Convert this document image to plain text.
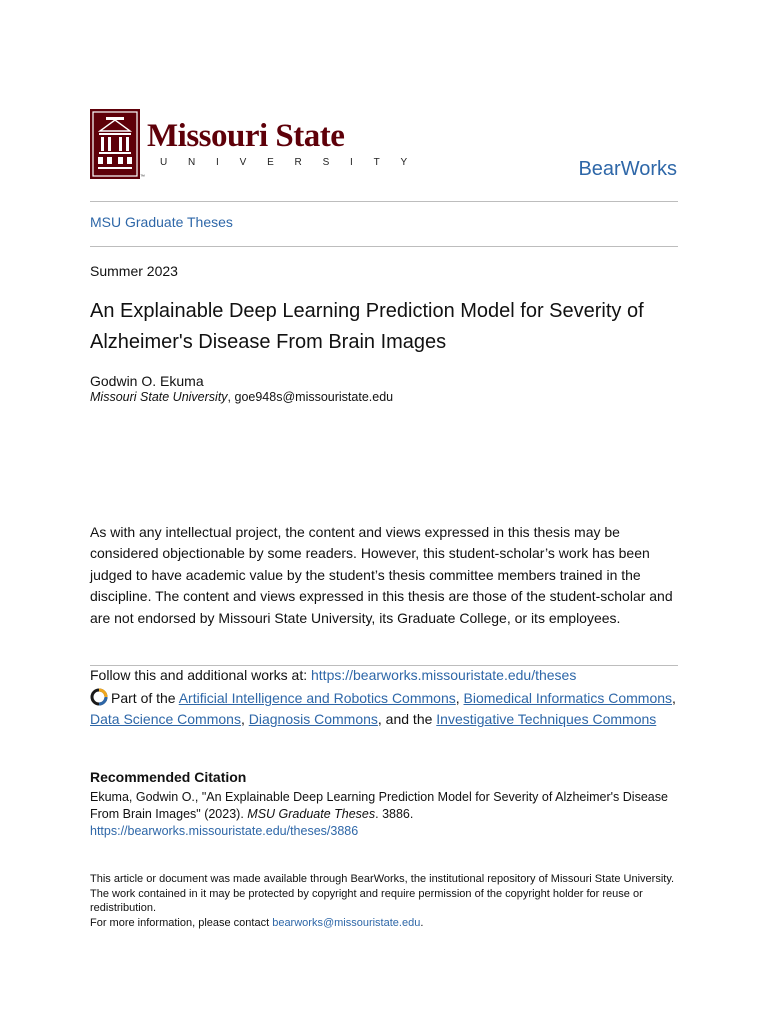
Missouri State
UNIVERSITY
™	BearWorks
MSU Graduate Theses
Summer 2023
An Explainable Deep Learning Prediction Model for Severity of Alzheimer's Disease From Brain Images
Godwin O. Ekuma
Missouri State University, goe948s@missouristate.edu

As with any intellectual project, the content and views expressed in this thesis may be considered objectionable by some readers. However, this student-scholar’s work has been judged to have academic value by the student’s thesis committee members trained in the discipline. The content and views expressed in this thesis are those of the student-scholar and are not endorsed by Missouri State University, its Graduate College, or its employees.

Follow this and additional works at: https://bearworks.missouristate.edu/theses
Part of the Artificial Intelligence and Robotics Commons, Biomedical Informatics Commons, Data Science Commons, Diagnosis Commons, and the Investigative Techniques Commons
Recommended Citation

Ekuma, Godwin O., "An Explainable Deep Learning Prediction Model for Severity of Alzheimer's Disease From Brain Images" (2023). MSU Graduate Theses. 3886.
https://bearworks.missouristate.edu/theses/3886

This article or document was made available through BearWorks, the institutional repository of Missouri State University. The work contained in it may be protected by copyright and require permission of the copyright holder for reuse or redistribution.
For more information, please contact bearworks@missouristate.edu.
